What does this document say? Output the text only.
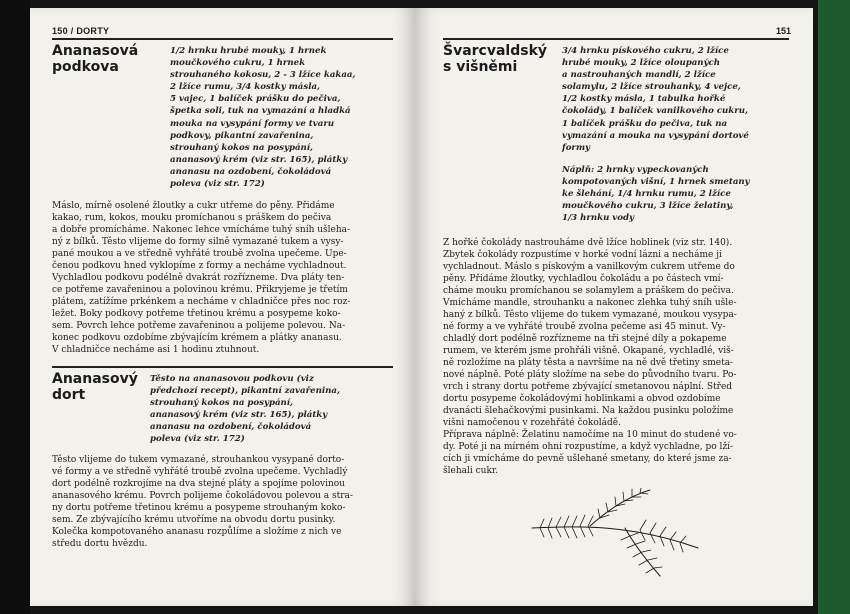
150 / DORTY
Ananasová
podkova
1/2 hrnku hrubé mouky, 1 hrnek
moučkového cukru, 1 hrnek
strouhaného kokosu, 2 - 3 lžíce kakaa,
2 lžíce rumu, 3/4 kostky másla,
5 vajec, 1 balíček prášku do pečiva,
špetka soli, tuk na vymazání a hladká
mouka na vysypání formy ve tvaru
podkovy, pikantní zavařenina,
strouhaný kokos na posypání,
ananasový krém (viz str. 165), plátky
ananasu na ozdobení, čokoládová
poleva (viz str. 172)
Máslo, mírně osolené žloutky a cukr utřeme do pěny. Přidáme
kakao, rum, kokos, mouku promíchanou s práškem do pečiva
a dobře promícháme. Nakonec lehce vmícháme tuhý sníh ušleha-
ný z bílků. Těsto vlijeme do formy silně vymazané tukem a vysy-
pané moukou a ve středně vyhřáté troubě zvolna upečeme. Upe-
čenou podkovu hned vyklopíme z formy a necháme vychladnout.
Vychladlou podkovu podélně dvakrát rozřízneme. Dva pláty ten-
ce potřeme zavařeninou a polovinou krému. Přikryjeme je třetím
plátem, zatížíme prkénkem a necháme v chladničce přes noc roz-
ležet. Boky podkovy potřeme třetinou krému a posypeme koko-
sem. Povrch lehce potřeme zavařeninou a polijeme polevou. Na-
konec podkovu ozdobíme zbývajícím krémem a plátky ananasu.
V chladničce necháme asi 1 hodinu ztuhnout.
Ananasový
dort
Těsto na ananasovou podkovu (viz
předchozí recept), pikantní zavařenina,
strouhaný kokos na posypání,
ananasový krém (viz str. 165), plátky
ananasu na ozdobení, čokoládová
poleva (viz str. 172)
Těsto vlijeme do tukem vymazané, strouhankou vysypané dorto-
vé formy a ve středně vyhřáté troubě zvolna upečeme. Vychladlý
dort podélně rozkrojíme na dva stejné pláty a spojíme polovinou
ananasového krému. Povrch polijeme čokoládovou polevou a stra-
ny dortu potřeme třetinou krému a posypeme strouhaným koko-
sem. Ze zbývajícího krému utvoříme na obvodu dortu pusinky.
Kolečka kompotovaného ananasu rozpůlíme a složíme z nich ve
středu dortu hvězdu.
151
Švarcvaldský
s višněmi
3/4 hrnku pískového cukru, 2 lžíce
hrubé mouky, 2 lžíce oloupaných
a nastrouhaných mandlí, 2 lžíce
solamylu, 2 lžíce strouhanky, 4 vejce,
1/2 kostky másla, 1 tabulka hořké
čokolády, 1 balíček vanilkového cukru,
1 balíček prášku do pečiva, tuk na
vymazání a mouka na vysypání dortové
formy
Náplň: 2 hrnky vypeckovaných
kompotovaných višní, 1 hrnek smetany
ke šlehání, 1/4 hrnku rumu, 2 lžíce
moučkového cukru, 3 lžíce želatiny,
1/3 hrnku vody
Z hořké čokolády nastrouháme dvě lžíce hoblinek (viz str. 140).
Zbytek čokolády rozpustíme v horké vodní lázni a necháme ji
vychladnout. Máslo s pískovým a vanilkovým cukrem utřeme do
pěny. Přidáme žloutky, vychladlou čokoládu a po částech vmí-
cháme mouku promíchanou se solamylem a práškem do pečiva.
Vmícháme mandle, strouhanku a nakonec zlehka tuhý sníh ušle-
haný z bílků. Těsto vlijeme do tukem vymazané, moukou vysypa-
né formy a ve vyhřáté troubě zvolna pečeme asi 45 minut. Vy-
chladlý dort podélně rozřízneme na tři stejné díly a pokapeme
rumem, ve kterém jsme prohřáli višně. Okapané, vychladlé, viš-
ně rozložíme na pláty těsta a navršíme na ně dvě třetiny smeta-
nové náplně. Poté pláty složíme na sebe do původního tvaru. Po-
vrch i strany dortu potřeme zbývající smetanovou náplní. Střed
dortu posypeme čokoládovými hoblinkami a obvod ozdobíme
dvanácti šlehačkovými pusinkami. Na každou pusinku položíme
višni namočenou v rozehřáté čokoládě.
Příprava náplně: Želatinu namočíme na 10 minut do studené vo-
dy. Poté ji na mírném ohni rozpustíme, a když vychladne, po lží-
cích ji vmícháme do pevně ušlehané smetany, do které jsme za-
šlehali cukr.
